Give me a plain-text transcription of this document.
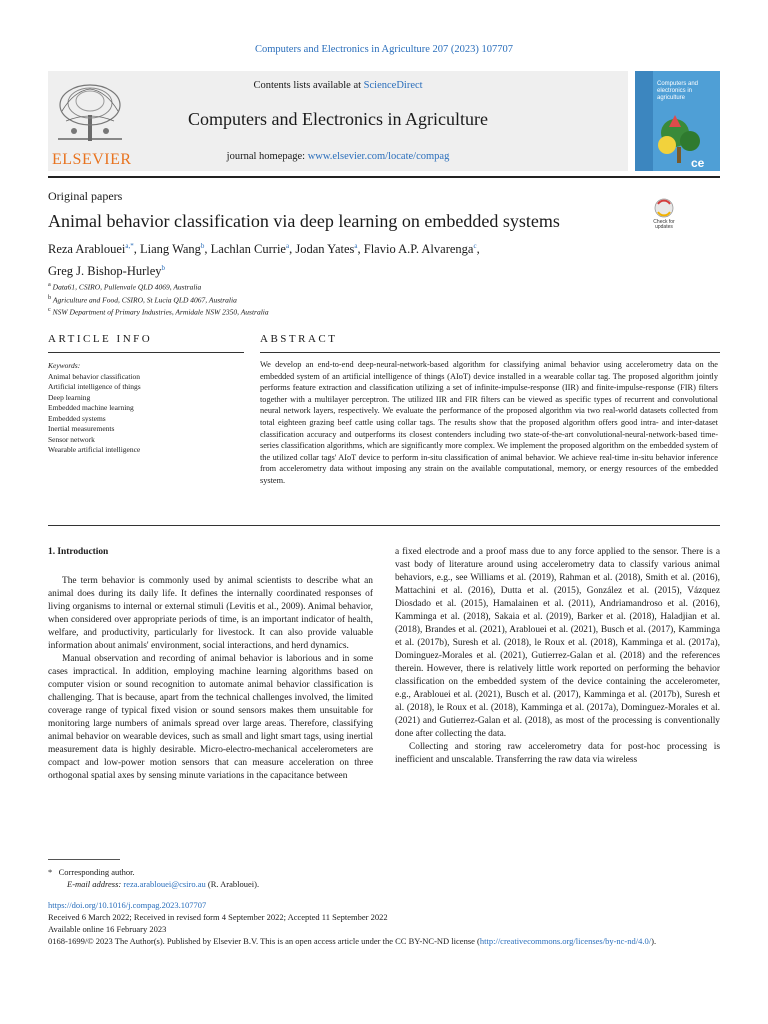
Computers and Electronics in Agriculture 207 (2023) 107707
ELSEVIER
Contents lists available at ScienceDirect
Computers and Electronics in Agriculture
journal homepage: www.elsevier.com/locate/compag	ce
Computers and electronics in agriculture
Original papers
Animal behavior classification via deep learning on embedded systems	Check for
updates
Reza Arablouei$^{a,*}$, Liang Wang$^b$, Lachlan Currie$^a$, Jodan Yates$^a$, Flavio A.P. Alvarenga$^c$,
Greg J. Bishop-Hurley$^b$
$^a$ Data61, CSIRO, Pullenvale QLD 4069, Australia
$^b$ Agriculture and Food, CSIRO, St Lucia QLD 4067, Australia
$^c$ NSW Department of Primary Industries, Armidale NSW 2350, Australia
ARTICLE INFO	ABSTRACT
Keywords:
Animal behavior classification
Artificial intelligence of things
Deep learning
Embedded machine learning
Embedded systems
Inertial measurements
Sensor network
Wearable artificial intelligence
We develop an end-to-end deep-neural-network-based algorithm for classifying animal behavior using accelerometry data on the embedded system of an artificial intelligence of things (AIoT) device installed in a wearable collar tag. The proposed algorithm jointly performs feature extraction and classification utilizing a set of infinite-impulse-response (IIR) and finite-impulse-response (FIR) filters together with a multilayer perceptron. The utilized IIR and FIR filters can be viewed as specific types of recurrent and convolutional neural network layers, respectively. We evaluate the performance of the proposed algorithm via two real-world datasets collected from total eighteen grazing beef cattle using collar tags. The results show that the proposed algorithm offers good intra- and inter-dataset classification accuracy and outperforms its closest contenders including two state-of-the-art convolutional-neural-network-based time-series classification algorithms, which are significantly more complex. We implement the proposed algorithm on the embedded system of the utilized collar tags' AIoT device to perform in-situ classification of animal behavior. We achieve real-time in-situ behavior inference from accelerometry data without imposing any strain on the available computational, memory, or energy resources of the embedded system.
1. Introduction

The term behavior is commonly used by animal scientists to describe what an animal does during its daily life. It defines the internally coordinated responses of living organisms to internal or external stimuli (Levitis et al., 2009). Animal behavior, when considered over appropriate periods of time, is an important indicator of health, welfare, and productivity, particularly for livestock. It can also provide valuable information about animals' environment, social interactions, and herd dynamics.

Manual observation and recording of animal behavior is laborious and in some cases impractical. In addition, employing machine learning algorithms based on computer vision or sound recognition to automate animal behavior classification is challenging. That is because, apart from the technical challenges involved, the limited coverage range of typical fixed vision or sound sensors makes them unsuitable for monitoring large numbers of animals spread over large areas. Therefore, classifying animal behavior on wearable devices, such as small and light smart tags, using inertial measurement data is highly desirable. Micro-electro-mechanical accelerometers are compact and low-power motion sensors that can measure acceleration on three orthogonal spatial axes by sensing minute variations in the capacitance between

a fixed electrode and a proof mass due to any force applied to the sensor. There is a vast body of literature around using accelerometry data to classify various animal behaviors, e.g., see Williams et al. (2019), Rahman et al. (2018), Smith et al. (2016), Mattachini et al. (2016), Dutta et al. (2015), González et al. (2015), Vázquez Diosdado et al. (2015), Hamalainen et al. (2011), Andriamandroso et al. (2016), Kamminga et al. (2018), Sakaia et al. (2019), Barker et al. (2018), Haladjian et al. (2018), Brandes et al. (2021), Arablouei et al. (2021), Busch et al. (2017), Kamminga et al. (2017b), Suresh et al. (2018), le Roux et al. (2018), Kamminga et al. (2017a), Dominguez-Morales et al. (2021), Gutierrez-Galan et al. (2018) and the references therein. However, there is relatively little work reported on performing the behavior classification on the embedded system of the device containing the accelerometer, e.g., Arablouei et al. (2021), Busch et al. (2017), Kamminga et al. (2017b), Suresh et al. (2018), le Roux et al. (2018), Kamminga et al. (2017a), Dominguez-Morales et al. (2021) and Gutierrez-Galan et al. (2018), as most of the processing is conventionally done after collecting the data.

Collecting and storing raw accelerometry data for post-hoc processing is inefficient and unscalable. Transferring the raw data via wireless

* Corresponding author.
E-mail address: reza.arablouei@csiro.au (R. Arablouei).
https://doi.org/10.1016/j.compag.2023.107707
Received 6 March 2022; Received in revised form 4 September 2022; Accepted 11 September 2022
Available online 16 February 2023
0168-1699/© 2023 The Author(s). Published by Elsevier B.V. This is an open access article under the CC BY-NC-ND license (http://creativecommons.org/licenses/by-nc-nd/4.0/).
